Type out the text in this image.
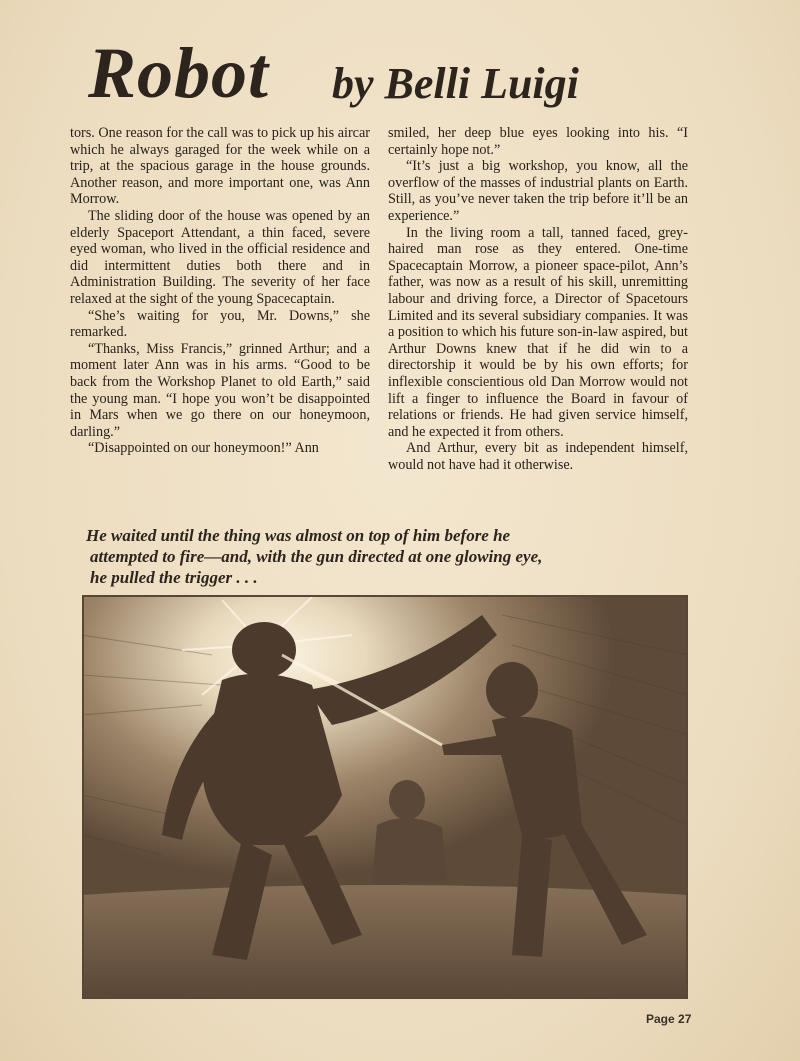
Robot by Belli Luigi

tors. One reason for the call was to pick up his aircar which he always garaged for the week while on a trip, at the spacious garage in the house grounds. Another reason, and more important one, was Ann Morrow.

The sliding door of the house was opened by an elderly Spaceport Attendant, a thin faced, severe eyed woman, who lived in the official residence and did intermittent duties both there and in Administration Building. The severity of her face relaxed at the sight of the young Spacecaptain.

“She’s waiting for you, Mr. Downs,” she remarked.

“Thanks, Miss Francis,” grinned Arthur; and a moment later Ann was in his arms. “Good to be back from the Workshop Planet to old Earth,” said the young man. “I hope you won’t be disappointed in Mars when we go there on our honeymoon, darling.”

“Disappointed on our honeymoon!” Ann

smiled, her deep blue eyes looking into his. “I certainly hope not.”

“It’s just a big workshop, you know, all the overflow of the masses of industrial plants on Earth. Still, as you’ve never taken the trip before it’ll be an experience.”

In the living room a tall, tanned faced, grey-haired man rose as they entered. One-time Spacecaptain Morrow, a pioneer space-pilot, Ann’s father, was now as a result of his skill, unremitting labour and driving force, a Director of Spacetours Limited and its several subsidiary companies. It was a position to which his future son-in-law aspired, but Arthur Downs knew that if he did win to a directorship it would be by his own efforts; for inflexible conscientious old Dan Morrow would not lift a finger to influence the Board in favour of relations or friends. He had given service himself, and he expected it from others.

And Arthur, every bit as independent himself, would not have had it otherwise.

He waited until the thing was almost on top of him before he
attempted to fire—and, with the gun directed at one glowing eye,
he pulled the trigger . . .
Page 27
